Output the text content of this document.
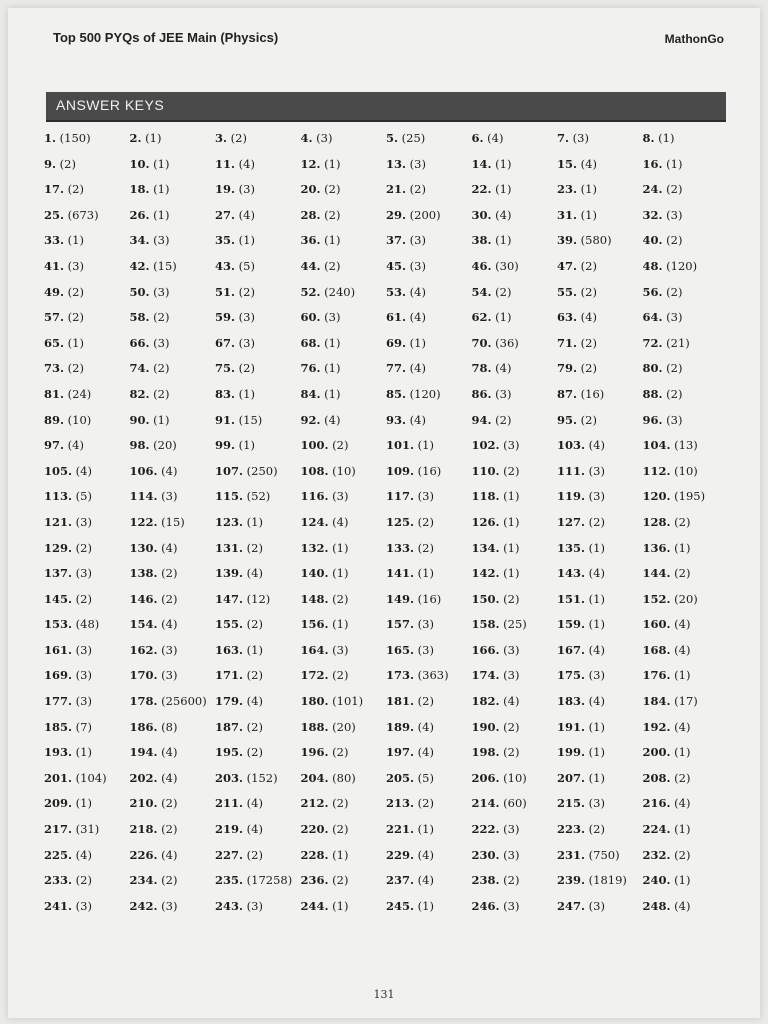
Top 500 PYQs of JEE Main (Physics)	MathonGo
ANSWER KEYS
1. (150)	2. (1)	3. (2)	4. (3)	5. (25)	6. (4)	7. (3)	8. (1)
9. (2)	10. (1)	11. (4)	12. (1)	13. (3)	14. (1)	15. (4)	16. (1)
17. (2)	18. (1)	19. (3)	20. (2)	21. (2)	22. (1)	23. (1)	24. (2)
25. (673)	26. (1)	27. (4)	28. (2)	29. (200)	30. (4)	31. (1)	32. (3)
33. (1)	34. (3)	35. (1)	36. (1)	37. (3)	38. (1)	39. (580)	40. (2)
41. (3)	42. (15)	43. (5)	44. (2)	45. (3)	46. (30)	47. (2)	48. (120)
49. (2)	50. (3)	51. (2)	52. (240)	53. (4)	54. (2)	55. (2)	56. (2)
57. (2)	58. (2)	59. (3)	60. (3)	61. (4)	62. (1)	63. (4)	64. (3)
65. (1)	66. (3)	67. (3)	68. (1)	69. (1)	70. (36)	71. (2)	72. (21)
73. (2)	74. (2)	75. (2)	76. (1)	77. (4)	78. (4)	79. (2)	80. (2)
81. (24)	82. (2)	83. (1)	84. (1)	85. (120)	86. (3)	87. (16)	88. (2)
89. (10)	90. (1)	91. (15)	92. (4)	93. (4)	94. (2)	95. (2)	96. (3)
97. (4)	98. (20)	99. (1)	100. (2)	101. (1)	102. (3)	103. (4)	104. (13)
105. (4)	106. (4)	107. (250)	108. (10)	109. (16)	110. (2)	111. (3)	112. (10)
113. (5)	114. (3)	115. (52)	116. (3)	117. (3)	118. (1)	119. (3)	120. (195)
121. (3)	122. (15)	123. (1)	124. (4)	125. (2)	126. (1)	127. (2)	128. (2)
129. (2)	130. (4)	131. (2)	132. (1)	133. (2)	134. (1)	135. (1)	136. (1)
137. (3)	138. (2)	139. (4)	140. (1)	141. (1)	142. (1)	143. (4)	144. (2)
145. (2)	146. (2)	147. (12)	148. (2)	149. (16)	150. (2)	151. (1)	152. (20)
153. (48)	154. (4)	155. (2)	156. (1)	157. (3)	158. (25)	159. (1)	160. (4)
161. (3)	162. (3)	163. (1)	164. (3)	165. (3)	166. (3)	167. (4)	168. (4)
169. (3)	170. (3)	171. (2)	172. (2)	173. (363)	174. (3)	175. (3)	176. (1)
177. (3)	178. (25600) 179. (4)	180. (101)	181. (2)	182. (4)	183. (4)	184. (17)
185. (7)	186. (8)	187. (2)	188. (20)	189. (4)	190. (2)	191. (1)	192. (4)
193. (1)	194. (4)	195. (2)	196. (2)	197. (4)	198. (2)	199. (1)	200. (1)
201. (104)	202. (4)	203. (152)	204. (80)	205. (5)	206. (10)	207. (1)	208. (2)
209. (1)	210. (2)	211. (4)	212. (2)	213. (2)	214. (60)	215. (3)	216. (4)
217. (31)	218. (2)	219. (4)	220. (2)	221. (1)	222. (3)	223. (2)	224. (1)
225. (4)	226. (4)	227. (2)	228. (1)	229. (4)	230. (3)	231. (750)	232. (2)
233. (2)	234. (2)	235. (17258) 236. (2)	237. (4)	238. (2)	239. (1819)	240. (1)
241. (3)	242. (3)	243. (3)	244. (1)	245. (1)	246. (3)	247. (3)	248. (4)
131
